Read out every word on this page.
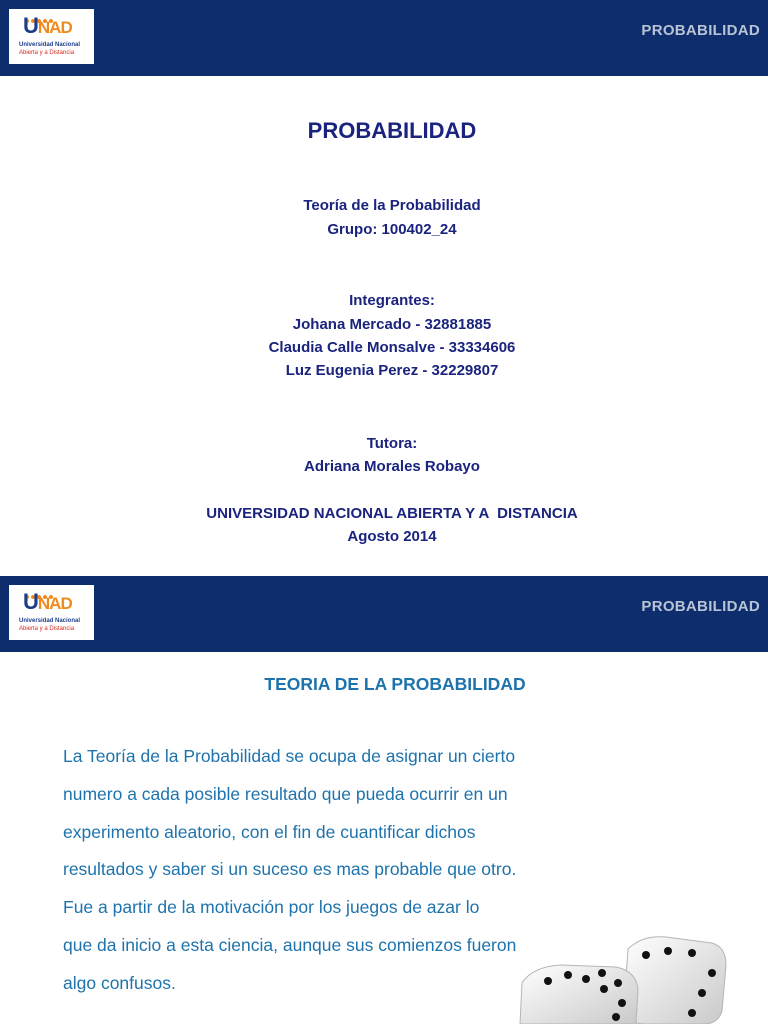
UNAD
Universidad Nacional
Abierta y a Distancia
PROBABILIDAD
PROBABILIDAD
Teoría de la Probabilidad
Grupo: 100402_24
Integrantes:
Johana Mercado - 32881885
Claudia Calle Monsalve - 33334606
Luz Eugenia Perez - 32229807
Tutora:
Adriana Morales Robayo
UNIVERSIDAD NACIONAL ABIERTA Y A  DISTANCIA
Agosto 2014
UNAD
Universidad Nacional
Abierta y a Distancia
PROBABILIDAD
TEORIA DE LA PROBABILIDAD
La Teoría de la Probabilidad se ocupa de asignar un cierto
numero a cada posible resultado que pueda ocurrir en un
experimento aleatorio, con el fin de cuantificar dichos
resultados y saber si un suceso es mas probable que otro.
Fue a partir de la motivación por los juegos de azar lo
que da inicio a esta ciencia, aunque sus comienzos fueron
algo confusos.
